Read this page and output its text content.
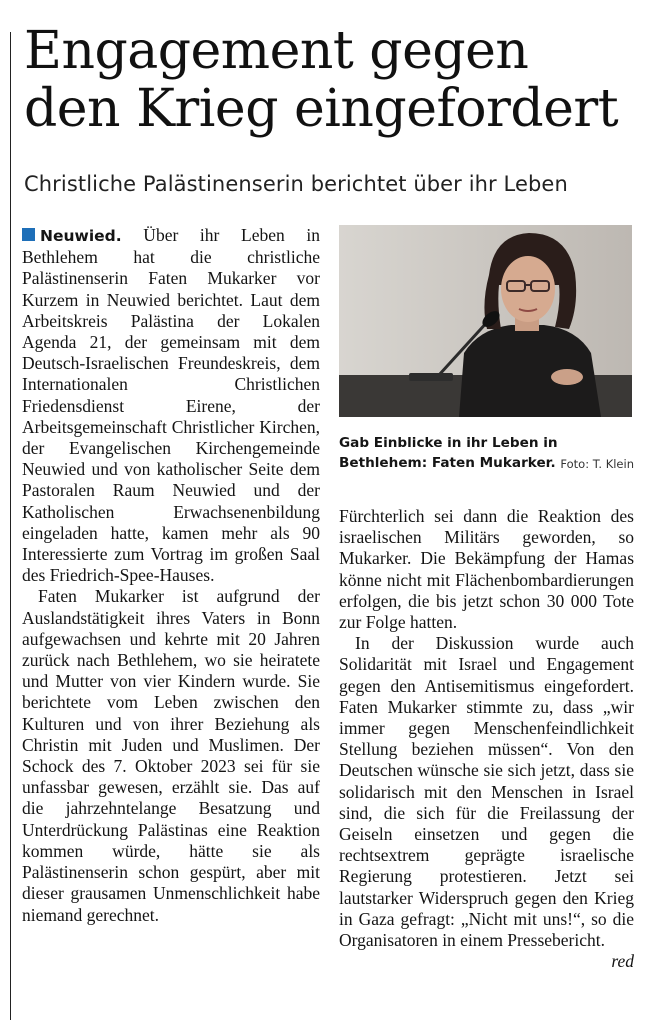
Engagement gegen
den Krieg eingefordert
Christliche Palästinenserin berichtet über ihr Leben

Neuwied. Über ihr Leben in Bethlehem hat die christliche Palästinenserin Faten Mukarker vor Kurzem in Neuwied berichtet. Laut dem Arbeitskreis Palästina der Lokalen Agenda 21, der gemeinsam mit dem Deutsch-Israelischen Freundeskreis, dem Internationalen Christlichen Friedensdienst Eirene, der Arbeitsgemeinschaft Christlicher Kirchen, der Evangelischen Kirchengemeinde Neuwied und von katholischer Seite dem Pastoralen Raum Neuwied und der Katholischen Erwachsenenbildung eingeladen hatte, kamen mehr als 90 Interessierte zum Vortrag im großen Saal des Friedrich-Spee-Hauses.

Faten Mukarker ist aufgrund der Auslandstätigkeit ihres Vaters in Bonn aufgewachsen und kehrte mit 20 Jahren zurück nach Bethlehem, wo sie heiratete und Mutter von vier Kindern wurde. Sie berichtete vom Leben zwischen den Kulturen und von ihrer Beziehung als Christin mit Juden und Muslimen. Der Schock des 7. Oktober 2023 sei für sie unfassbar gewesen, erzählt sie. Das auf die jahrzehntelange Besatzung und Unterdrückung Palästinas eine Reaktion kommen würde, hätte sie als Palästinenserin schon gespürt, aber mit dieser grausamen Unmenschlichkeit habe niemand gerechnet.

Gab Einblicke in ihr Leben in Bethlehem: Faten Mukarker. Foto: T. Klein

Fürchterlich sei dann die Reaktion des israelischen Militärs geworden, so Mukarker. Die Bekämpfung der Hamas könne nicht mit Flächenbombardierungen erfolgen, die bis jetzt schon 30 000 Tote zur Folge hatten.

In der Diskussion wurde auch Solidarität mit Israel und Engagement gegen den Antisemitismus eingefordert. Faten Mukarker stimmte zu, dass „wir immer gegen Menschenfeindlichkeit Stellung beziehen müssen“. Von den Deutschen wünsche sie sich jetzt, dass sie solidarisch mit den Menschen in Israel sind, die sich für die Freilassung der Geiseln einsetzen und gegen die rechtsextrem geprägte israelische Regierung protestieren. Jetzt sei lautstarker Widerspruch gegen den Krieg in Gaza gefragt: „Nicht mit uns!“, so die Organisatoren in einem Pressebericht.
red
